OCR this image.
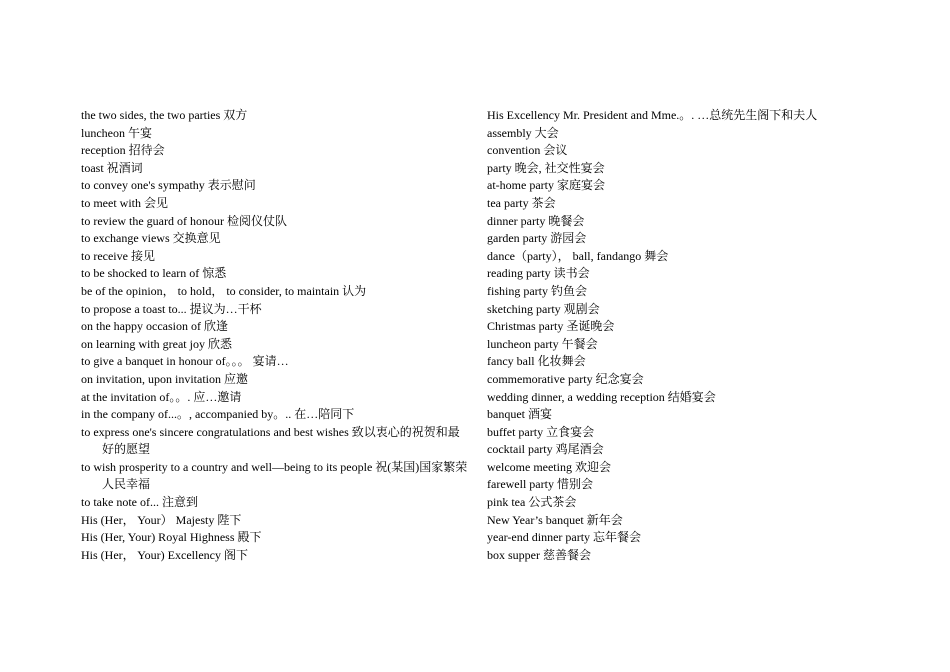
the two sides, the two parties 双方
luncheon 午宴
reception 招待会
toast 祝酒词
to convey one's sympathy 表示慰问
to meet with 会见
to review the guard of honour 检阅仪仗队
to exchange views 交换意见
to receive 接见
to be shocked to learn of 惊悉
be of the opinion， to hold， to consider, to maintain 认为
to propose a toast to... 提议为…干杯
on the happy occasion of 欣逢
on learning with great joy 欣悉
to give a banquet in honour of。。。 宴请…
on invitation, upon invitation 应邀
at the invitation of。。. 应…邀请
in the company of...。, accompanied by。.. 在…陪同下
to express one's sincere congratulations and best wishes 致以衷心的祝贺和最好的愿望
to wish prosperity to a country and well—being to its people 祝(某国)国家繁荣人民幸福
to take note of... 注意到
His (Her， Your） Majesty 陛下
His (Her, Your) Royal Highness 殿下
His (Her， Your) Excellency 阁下
His Excellency Mr. President and Mme.。. …总统先生阁下和夫人
assembly 大会
convention 会议
party 晚会, 社交性宴会
at-home party 家庭宴会
tea party 茶会
dinner party 晚餐会
garden party 游园会
dance（party）， ball, fandango 舞会
reading party 读书会
fishing party 钓鱼会
sketching party 观剧会
Christmas party 圣诞晚会
luncheon party 午餐会
fancy ball 化妆舞会
commemorative party 纪念宴会
wedding dinner, a wedding reception 结婚宴会
banquet 酒宴
buffet party 立食宴会
cocktail party 鸡尾酒会
welcome meeting 欢迎会
farewell party 惜别会
pink tea 公式茶会
New Year’s banquet 新年会
year-end dinner party 忘年餐会
box supper 慈善餐会
